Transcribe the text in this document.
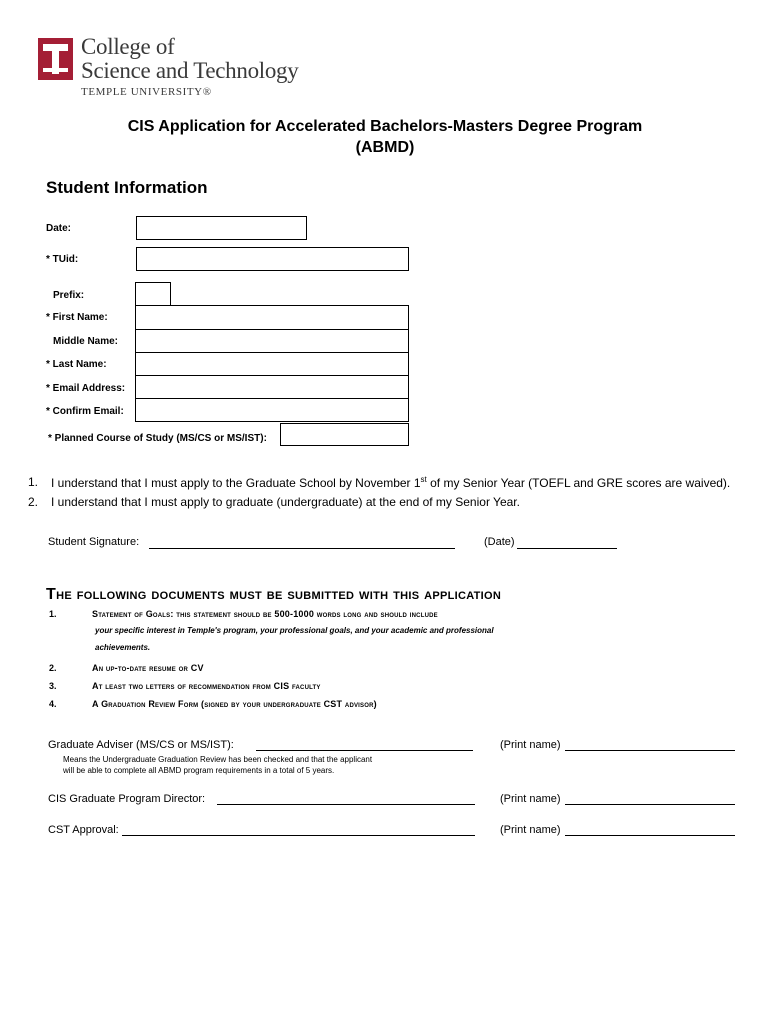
College of
Science and Technology
TEMPLE UNIVERSITY®
CIS Application for Accelerated Bachelors-Masters Degree Program
(ABMD)
Student Information
Date:
* TUid:
Prefix:
* First Name:
Middle Name:
* Last Name:
* Email Address:
* Confirm Email:
* Planned Course of Study (MS/CS or MS/IST):
1. I understand that I must apply to the Graduate School by November 1st of my Senior Year (TOEFL and GRE scores are waived).
2. I understand that I must apply to graduate (undergraduate) at the end of my Senior Year.
Student Signature:	(Date)
The following documents must be submitted with this application
1.	Statement of Goals: this statement should be 500-1000 words long and should include
your specific interest in Temple's program, your professional goals, and your academic and professional
achievements.
2.	An up-to-date resume or CV
3.	At least two letters of recommendation from CIS faculty
4.	A Graduation Review Form (signed by your undergraduate CST advisor)
Graduate Adviser (MS/CS or MS/IST):	(Print name)
Means the Undergraduate Graduation Review has been checked and that the applicant
will be able to complete all ABMD program requirements in a total of 5 years.
CIS Graduate Program Director:	(Print name)
CST Approval:	(Print name)
